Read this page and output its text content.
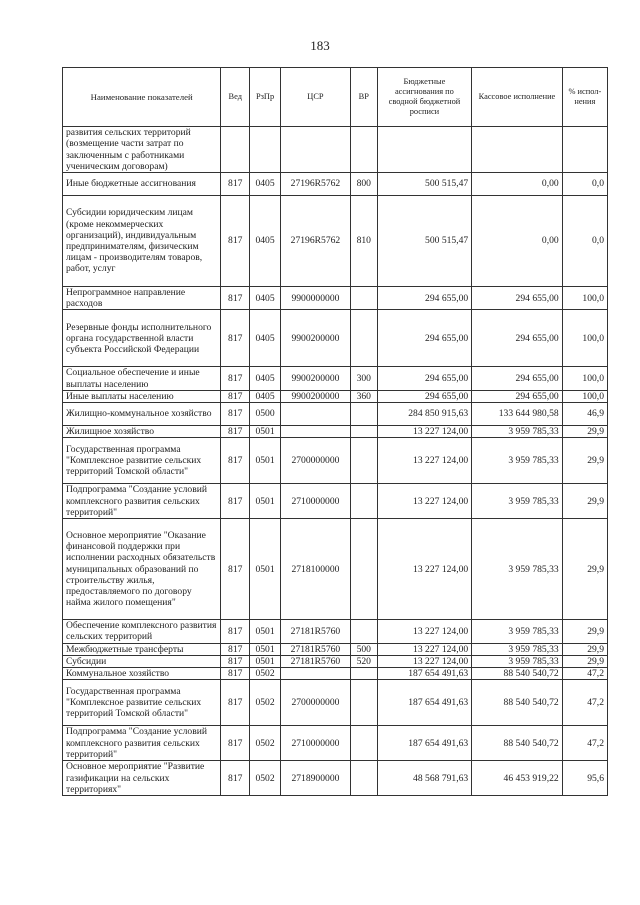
183
Наименование показателей	Вед	РзПр	ЦСР	ВР	Бюджетные ассигнования по сводной бюджетной росписи	Кассовое исполнение	% испол-нения
развития сельских территорий (возмещение части затрат по заключенным с работниками ученическим договорам)							
Иные бюджетные ассигнования	817	0405	27196R5762	800	500 515,47	0,00	0,0
Субсидии юридическим лицам (кроме некоммерческих организаций), индивидуальным предпринимателям, физическим лицам - производителям товаров, работ, услуг	817	0405	27196R5762	810	500 515,47	0,00	0,0
Непрограммное направление расходов	817	0405	9900000000		294 655,00	294 655,00	100,0
Резервные фонды исполнительного органа государственной власти субъекта Российской Федерации	817	0405	9900200000		294 655,00	294 655,00	100,0
Социальное обеспечение и иные выплаты населению	817	0405	9900200000	300	294 655,00	294 655,00	100,0
Иные выплаты населению	817	0405	9900200000	360	294 655,00	294 655,00	100,0
Жилищно-коммунальное хозяйство	817	0500			284 850 915,63	133 644 980,58	46,9
Жилищное хозяйство	817	0501			13 227 124,00	3 959 785,33	29,9
Государственная программа "Комплексное развитие сельских территорий Томской области"	817	0501	2700000000		13 227 124,00	3 959 785,33	29,9
Подпрограмма "Создание условий комплексного развития сельских территорий"	817	0501	2710000000		13 227 124,00	3 959 785,33	29,9
Основное мероприятие "Оказание финансовой поддержки при исполнении расходных обязательств муниципальных образований по строительству жилья, предоставляемого по договору найма жилого помещения"	817	0501	2718100000		13 227 124,00	3 959 785,33	29,9
Обеспечение комплексного развития сельских территорий	817	0501	27181R5760		13 227 124,00	3 959 785,33	29,9
Межбюджетные трансферты	817	0501	27181R5760	500	13 227 124,00	3 959 785,33	29,9
Субсидии	817	0501	27181R5760	520	13 227 124,00	3 959 785,33	29,9
Коммунальное хозяйство	817	0502			187 654 491,63	88 540 540,72	47,2
Государственная программа "Комплексное развитие сельских территорий Томской области"	817	0502	2700000000		187 654 491,63	88 540 540,72	47,2
Подпрограмма "Создание условий комплексного развития сельских территорий"	817	0502	2710000000		187 654 491,63	88 540 540,72	47,2
Основное мероприятие "Развитие газификации на сельских территориях"	817	0502	2718900000		48 568 791,63	46 453 919,22	95,6
